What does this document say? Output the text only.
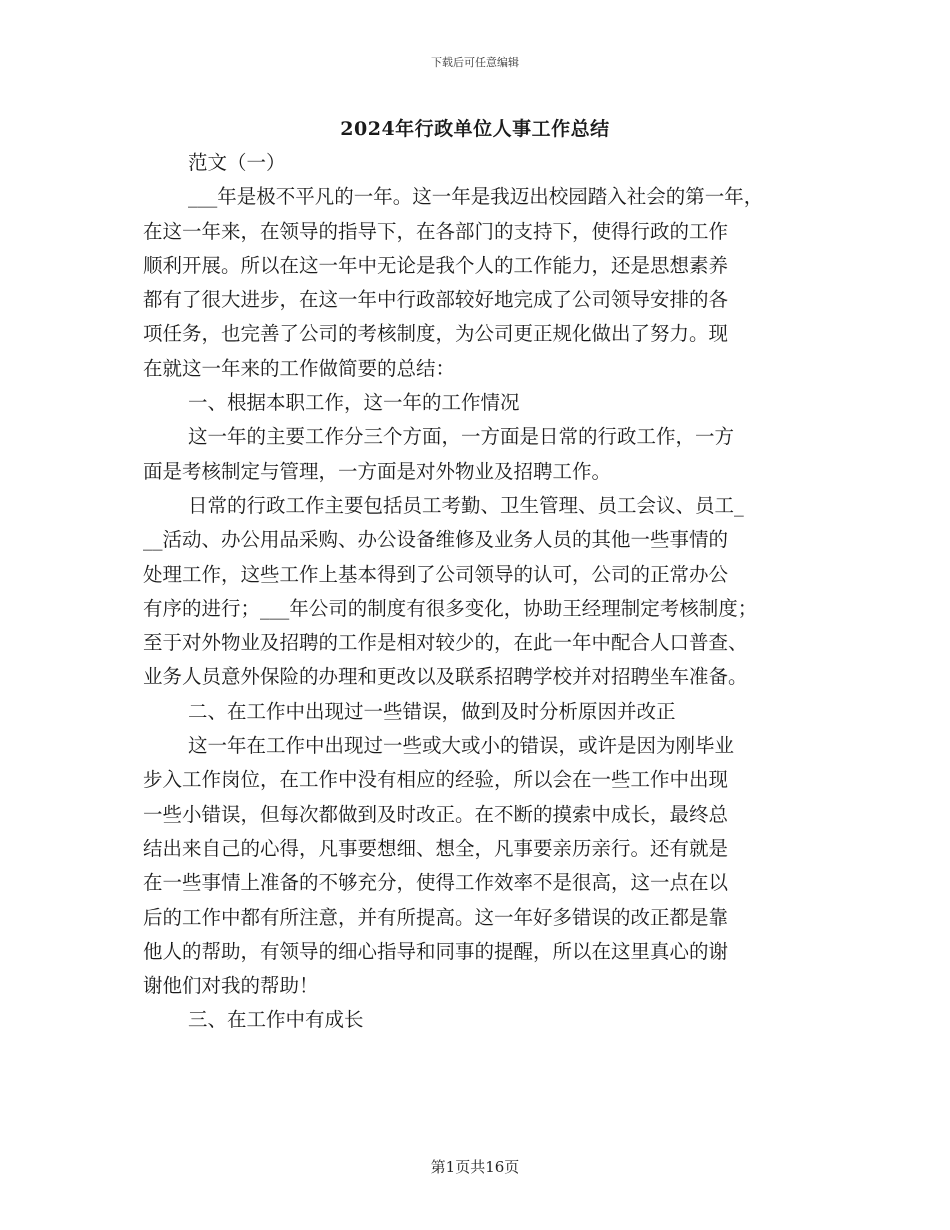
下载后可任意编辑
2024年行政单位人事工作总结
范文（一）
___年是极不平凡的一年。这一年是我迈出校园踏入社会的第一年，
在这一年来，在领导的指导下，在各部门的支持下，使得行政的工作
顺利开展。所以在这一年中无论是我个人的工作能力，还是思想素养
都有了很大进步，在这一年中行政部较好地完成了公司领导安排的各
项任务，也完善了公司的考核制度，为公司更正规化做出了努力。现
在就这一年来的工作做简要的总结：
一、根据本职工作，这一年的工作情况
这一年的主要工作分三个方面，一方面是日常的行政工作，一方
面是考核制定与管理，一方面是对外物业及招聘工作。
日常的行政工作主要包括员工考勤、卫生管理、员工会议、员工_
__活动、办公用品采购、办公设备维修及业务人员的其他一些事情的
处理工作，这些工作上基本得到了公司领导的认可，公司的正常办公
有序的进行；___年公司的制度有很多变化，协助王经理制定考核制度；
至于对外物业及招聘的工作是相对较少的，在此一年中配合人口普查、
业务人员意外保险的办理和更改以及联系招聘学校并对招聘坐车准备。
二、在工作中出现过一些错误，做到及时分析原因并改正
这一年在工作中出现过一些或大或小的错误，或许是因为刚毕业
步入工作岗位，在工作中没有相应的经验，所以会在一些工作中出现
一些小错误，但每次都做到及时改正。在不断的摸索中成长，最终总
结出来自己的心得，凡事要想细、想全，凡事要亲历亲行。还有就是
在一些事情上准备的不够充分，使得工作效率不是很高，这一点在以
后的工作中都有所注意，并有所提高。这一年好多错误的改正都是靠
他人的帮助，有领导的细心指导和同事的提醒，所以在这里真心的谢
谢他们对我的帮助！
三、在工作中有成长
第1页共16页
